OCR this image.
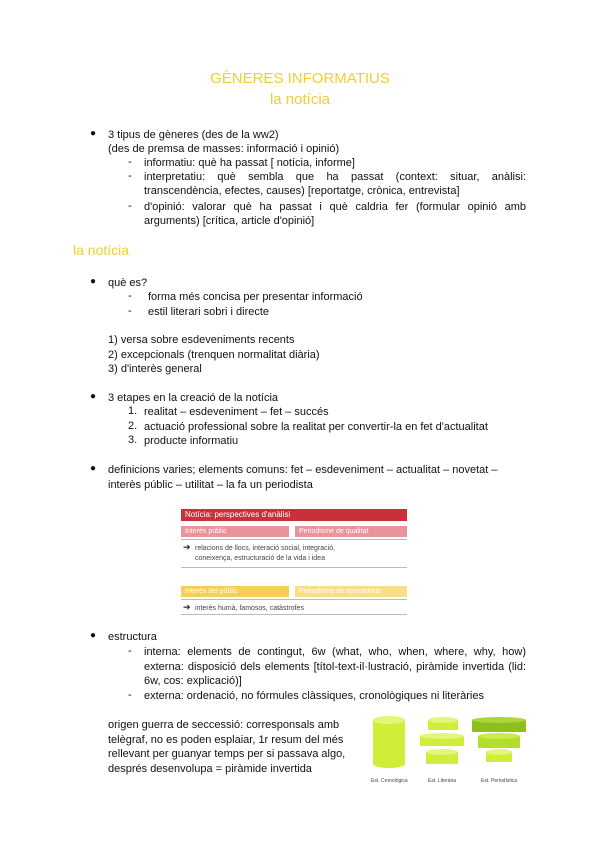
GÈNERES INFORMATIUS
la notícia
● 3 tipus de gèneres (des de la ww2)
(des de premsa de masses: informació i opinió)
- informatiu: què ha passat [ notícia, informe]
- interpretatiu: què sembla que ha passat (context: situar, anàlisi:
transcendència, efectes, causes) [reportatge, crònica, entrevista]
- d'opinió: valorar què ha passat i què caldria fer (formular opinió amb
arguments) [crítica, article d'opinió]
la notícia
● què es?
- forma més concisa per presentar informació
- estil literari sobri i directe
1) versa sobre esdeveniments recents
2) excepcionals (trenquen normalitat diària)
3) d'interès general
● 3 etapes en la creació de la notícia
1. realitat – esdeveniment – fet – succés
2. actuació professional sobre la realitat per convertir-la en fet d'actualitat
3. producte informatiu
● definicions varies; elements comuns: fet – esdeveniment – actualitat – novetat –
interès públic – utilitat – la fa un periodista
Notícia: perspectives d'anàlisi
Interès públic	Periodisme de qualitat
➔ relacions de llocs, interació social, integració,
coneixença, estructuració de la vida i idea
Interès del públic	Periodisme de sensacions
➔ interès humà, famosos, catàstrofes
● estructura
- interna: elements de contingut, 6w (what, who, when, where, why, how)
externa: disposició dels elements [títol-text-il·lustració, piràmide invertida (lid:
6w, cos: explicació)]
- externa: ordenació, no fórmules clàssiques, cronològiques ni literàries
origen guerra de seccessió: corresponsals amb
telègraf, no es poden esplaiar, 1r resum del més
rellevant per guanyar temps per si passava algo,
després desenvolupa = piràmide invertida
Est. Cronològica	Est. Literària	Est. Periodística
